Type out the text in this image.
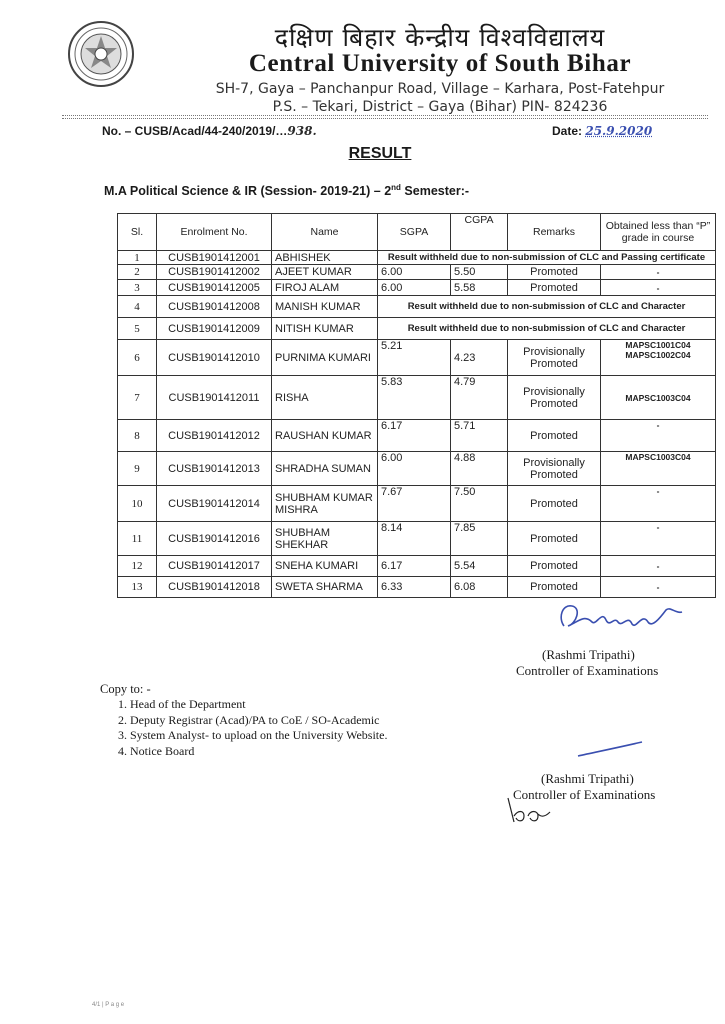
दक्षिण बिहार केन्द्रीय विश्वविद्यालय
Central University of South Bihar
SH-7, Gaya – Panchanpur Road, Village – Karhara, Post-Fatehpur
P.S. – Tekari, District – Gaya (Bihar) PIN- 824236
No. – CUSB/Acad/44-240/2019/…938.	Date: 25.9.2020
RESULT
M.A Political Science & IR (Session- 2019-21) – 2nd Semester:-
Sl.	Enrolment No.	Name	SGPA	CGPA	Remarks	Obtained less than “P” grade in course
1	CUSB1901412001	ABHISHEK	Result withheld due to non-submission of CLC and Passing certificate			
2	CUSB1901412002	AJEET KUMAR	6.00	5.50	Promoted	-
3	CUSB1901412005	FIROJ ALAM	6.00	5.58	Promoted	-
4	CUSB1901412008	MANISH KUMAR	Result withheld due to non-submission of CLC and Character			
5	CUSB1901412009	NITISH KUMAR	Result withheld due to non-submission of CLC and Character			
6	CUSB1901412010	PURNIMA KUMARI	5.21	4.23	Provisionally Promoted	MAPSC1001C04 MAPSC1002C04
7	CUSB1901412011	RISHA	5.83	4.79	Provisionally Promoted	MAPSC1003C04
8	CUSB1901412012	RAUSHAN KUMAR	6.17	5.71	Promoted	-
9	CUSB1901412013	SHRADHA SUMAN	6.00	4.88	Provisionally Promoted	MAPSC1003C04
10	CUSB1901412014	SHUBHAM KUMAR MISHRA	7.67	7.50	Promoted	-
11	CUSB1901412016	SHUBHAM SHEKHAR	8.14	7.85	Promoted	-
12	CUSB1901412017	SNEHA KUMARI	6.17	5.54	Promoted	-
13	CUSB1901412018	SWETA SHARMA	6.33	6.08	Promoted	-
(Rashmi Tripathi)
Controller of Examinations
Copy to: -
1. Head of the Department
2. Deputy Registrar (Acad)/PA to CoE / SO-Academic
3. System Analyst- to upload on the University Website.
4. Notice Board
(Rashmi Tripathi)
Controller of Examinations
4/1 | P a g e
